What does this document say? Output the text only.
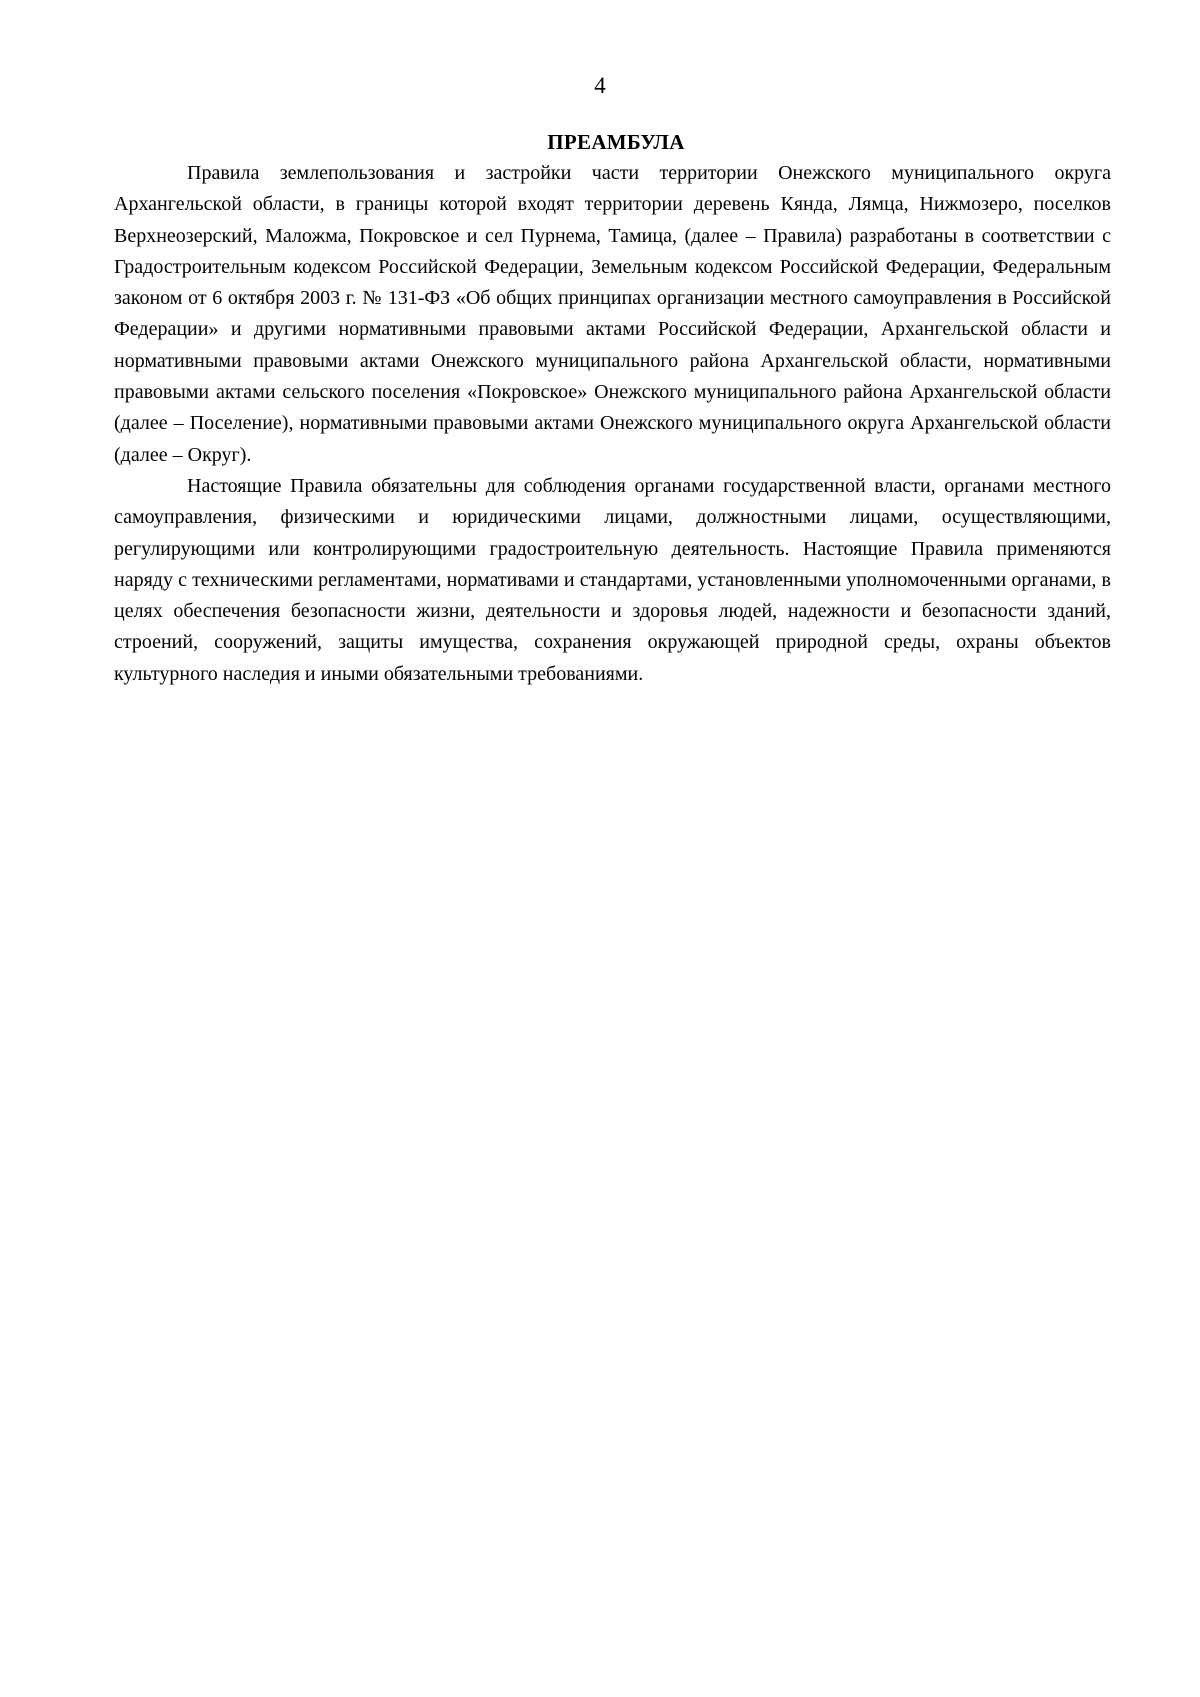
4
ПРЕАМБУЛА

Правила землепользования и застройки части территории Онежского муниципального округа Архангельской области, в границы которой входят территории деревень Кянда, Лямца, Нижмозеро, поселков Верхнеозерский, Маложма, Покровское и сел Пурнема, Тамица, (далее – Правила) разработаны в соответствии с Градостроительным кодексом Российской Федерации, Земельным кодексом Российской Федерации, Федеральным законом от 6 октября 2003 г. № 131-ФЗ «Об общих принципах организации местного самоуправления в Российской Федерации» и другими нормативными правовыми актами Российской Федерации, Архангельской области и нормативными правовыми актами Онежского муниципального района Архангельской области, нормативными правовыми актами сельского поселения «Покровское» Онежского муниципального района Архангельской области (далее – Поселение), нормативными правовыми актами Онежского муниципального округа Архангельской области (далее – Округ).

Настоящие Правила обязательны для соблюдения органами государственной власти, органами местного самоуправления, физическими и юридическими лицами, должностными лицами, осуществляющими, регулирующими или контролирующими градостроительную деятельность. Настоящие Правила применяются наряду с техническими регламентами, нормативами и стандартами, установленными уполномоченными органами, в целях обеспечения безопасности жизни, деятельности и здоровья людей, надежности и безопасности зданий, строений, сооружений, защиты имущества, сохранения окружающей природной среды, охраны объектов культурного наследия и иными обязательными требованиями.
